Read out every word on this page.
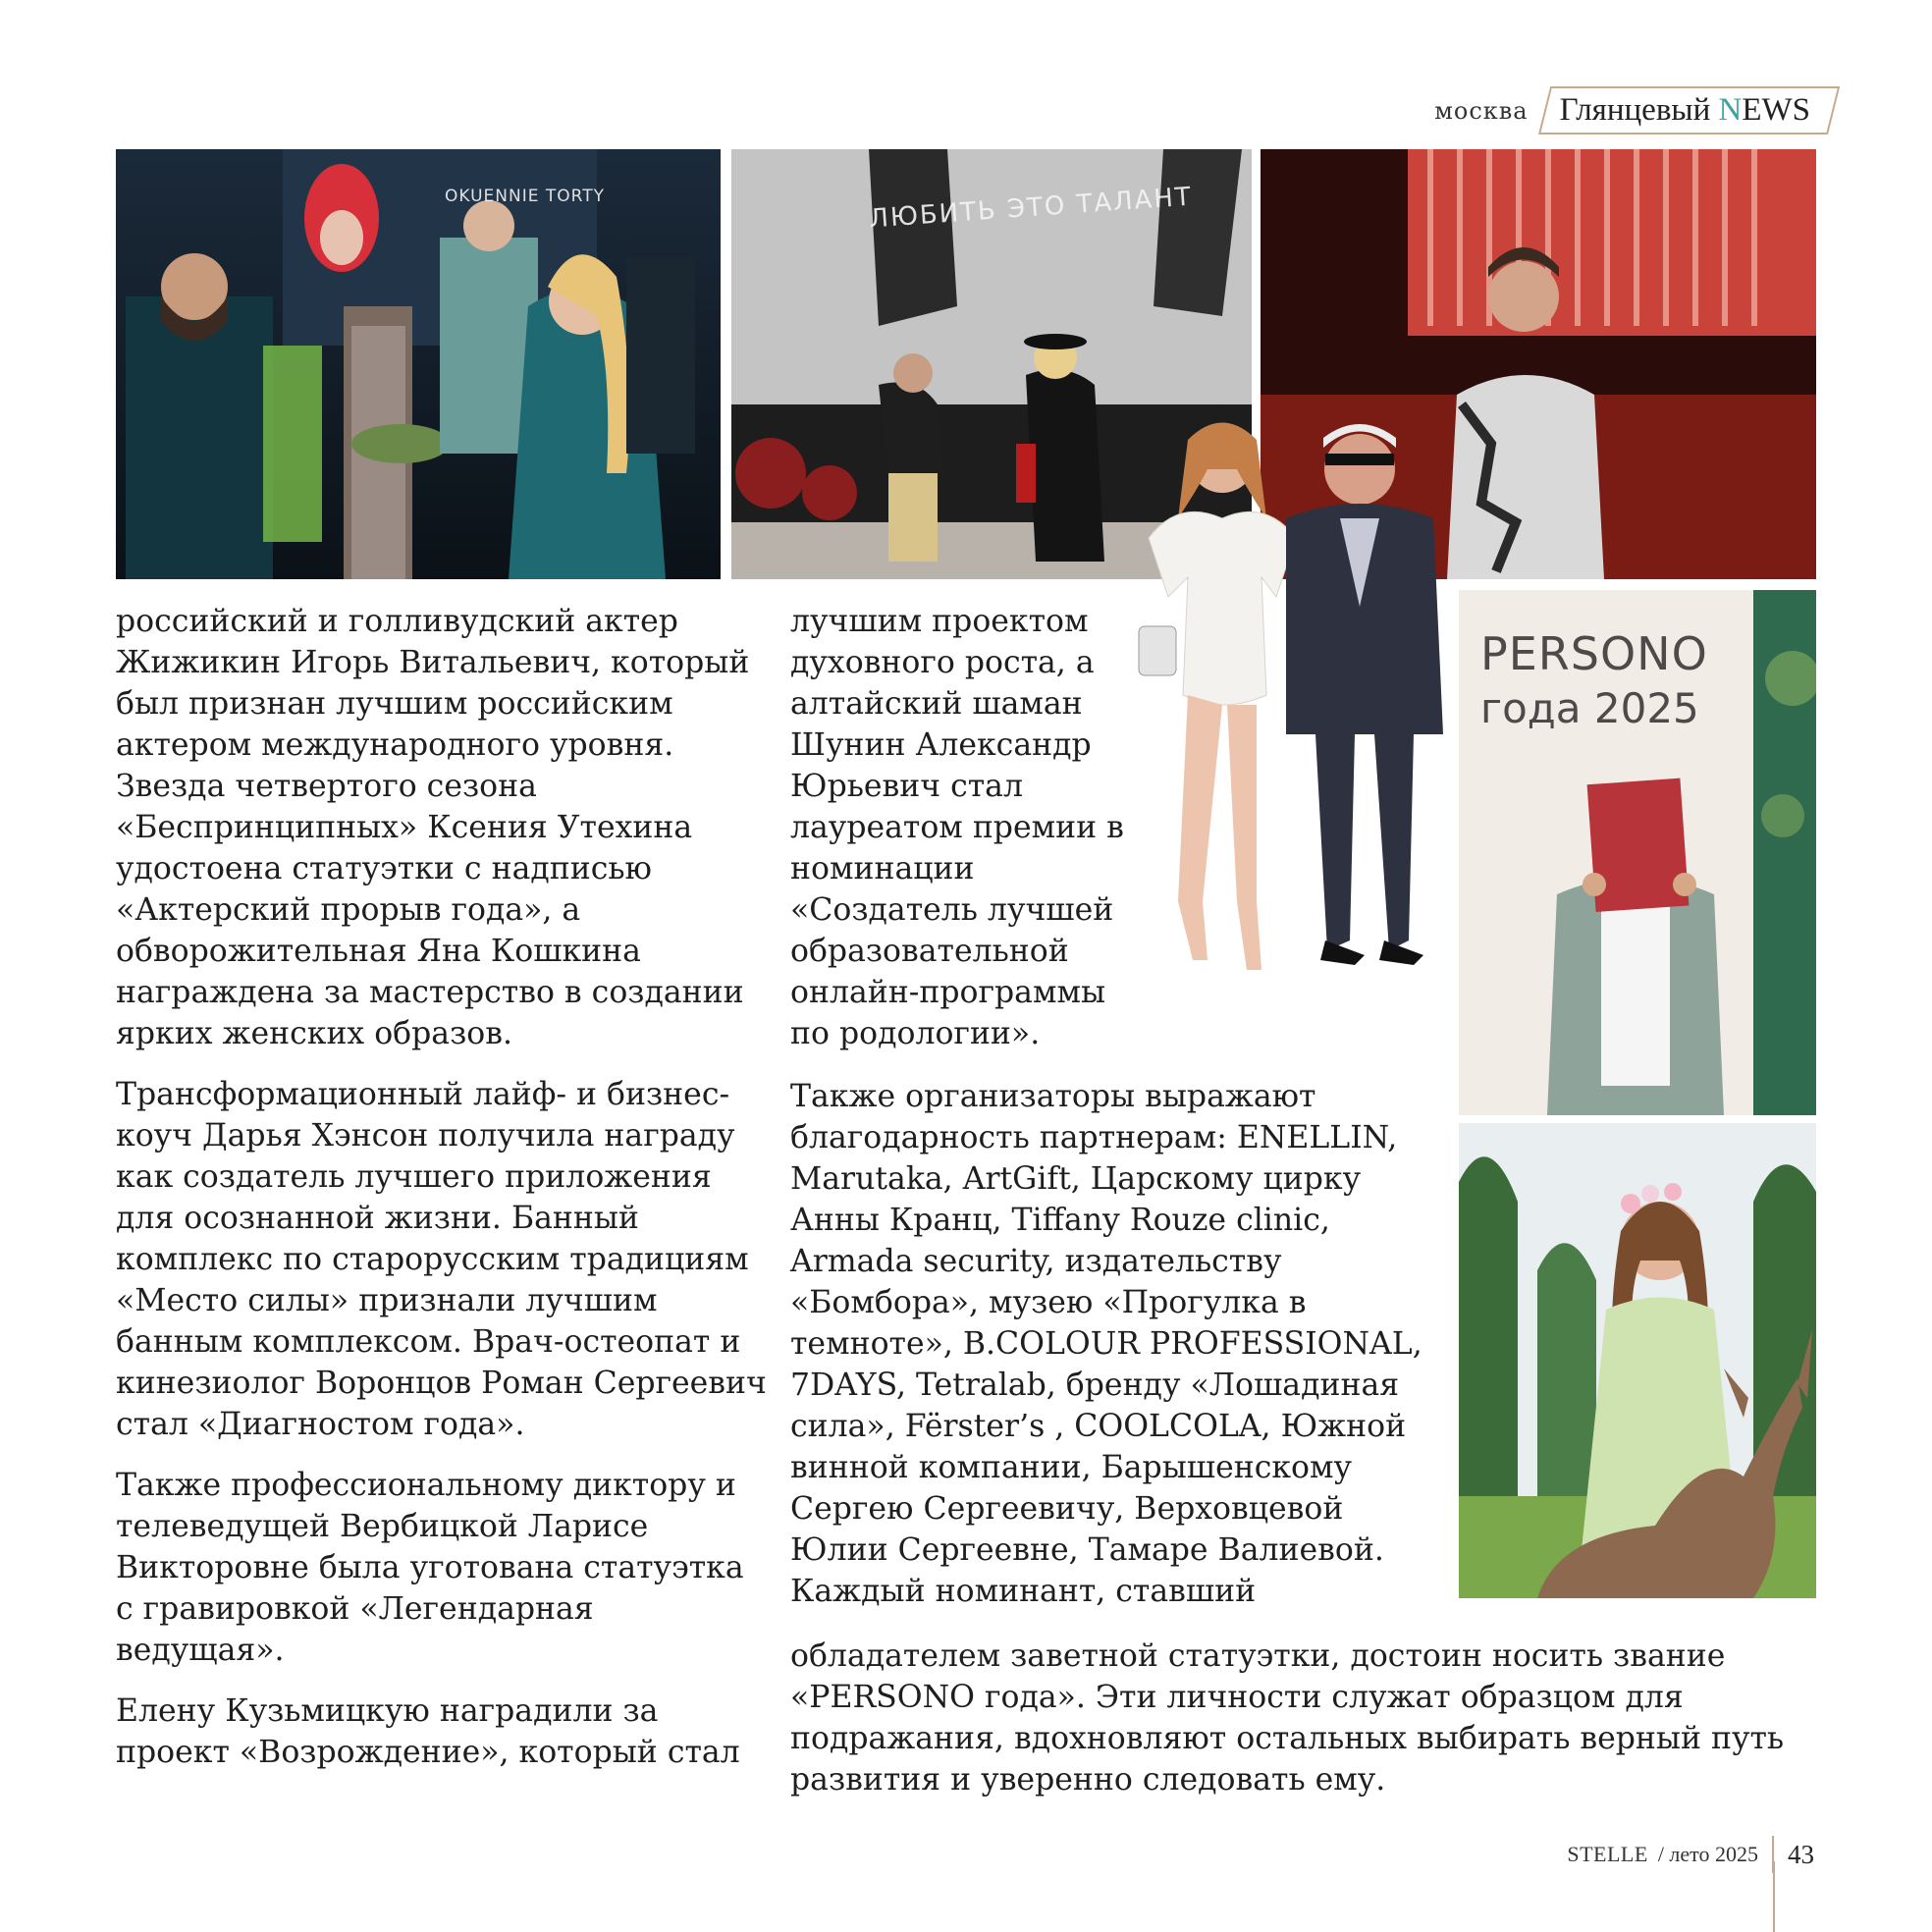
москва Глянцевый NEWS
OKUENNIE TORTY	ЛЮБИТЬ ЭТО ТАЛАНТ
PERSONO
года 2025

российский и голливудский актер Жижикин Игорь Витальевич, который был признан лучшим российским актером международного уровня. Звезда четвертого сезона «Беспринципных» Ксения Утехина удостоена статуэтки с надписью «Актерский прорыв года», а обворожительная Яна Кошкина награждена за мастерство в создании ярких женских образов.

Трансформационный лайф- и бизнес-коуч Дарья Хэнсон получила награду как создатель лучшего приложения для осознанной жизни. Банный комплекс по старорусским традициям «Место силы» признали лучшим банным комплексом. Врач-остеопат и кинезиолог Воронцов Роман Сергеевич стал «Диагностом года».

Также профессиональному диктору и телеведущей Вербицкой Ларисе Викторовне была уготована статуэтка с гравировкой «Легендарная ведущая».

Елену Кузьмицкую наградили за проект «Возрождение», который стал

лучшим проектом духовного роста, а алтайский шаман Шунин Александр Юрьевич стал лауреатом премии в номинации «Создатель лучшей образовательной онлайн-программы по родологии».

Также организаторы выражают благодарность партнерам: ENELLIN, Marutaka, ArtGift, Царскому цирку Анны Кранц, Tiffany Rouze clinic, Armada security, издательству «Бомбора», музею «Прогулка в темноте», B.COLOUR PROFESSIONAL, 7DAYS, Tetralab, бренду «Лошадиная сила», Fërster’s , COOLCOLA, Южной винной компании, Барышенскому Сергею Сергеевичу, Верховцевой Юлии Сергеевне, Тамаре Валиевой. Каждый номинант, ставший

обладателем заветной статуэтки, достоин носить звание «PERSONO года». Эти личности служат образцом для подражания, вдохновляют остальных выбирать верный путь развития и уверенно следовать ему.

STELLE / лето 2025 43
